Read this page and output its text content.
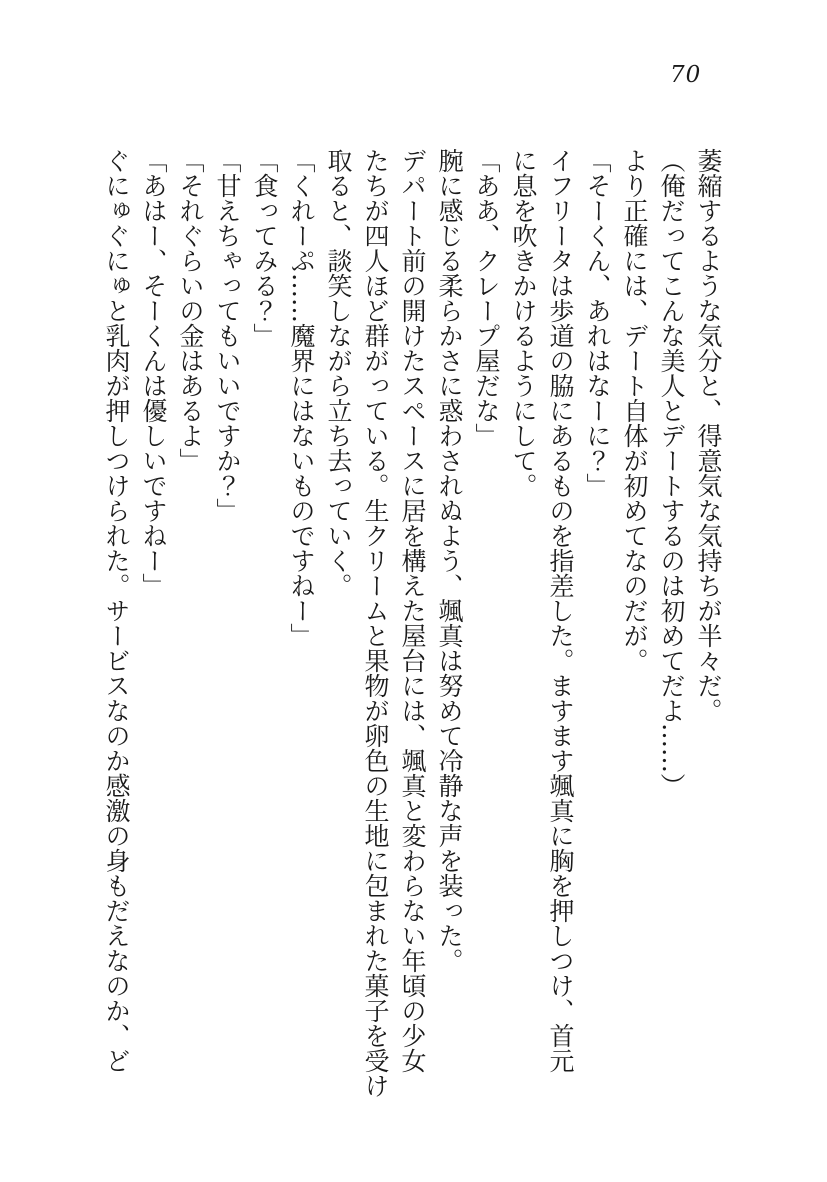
70
萎縮するような気分と、得意気な気持ちが半々だ。
（俺だってこんな美人とデートするのは初めてだよ……）
より正確には、デート自体が初めてなのだが。
「そーくん、あれはなーに？」
イフリータは歩道の脇にあるものを指差した。ますます颯真に胸を押しつけ、首元
に息を吹きかけるようにして。
「ああ、クレープ屋だな」
腕に感じる柔らかさに惑わされぬよう、颯真は努めて冷静な声を装った。
デパート前の開けたスペースに居を構えた屋台には、颯真と変わらない年頃の少女
たちが四人ほど群がっている。生クリームと果物が卵色の生地に包まれた菓子を受け
取ると、談笑しながら立ち去っていく。
「くれーぷ……魔界にはないものですねー」
「食ってみる？」
「甘えちゃってもいいですか？」
「それぐらいの金はあるよ」
「あはー、そーくんは優しいですねー」
ぐにゅぐにゅと乳肉が押しつけられた。サービスなのか感激の身もだえなのか、ど
